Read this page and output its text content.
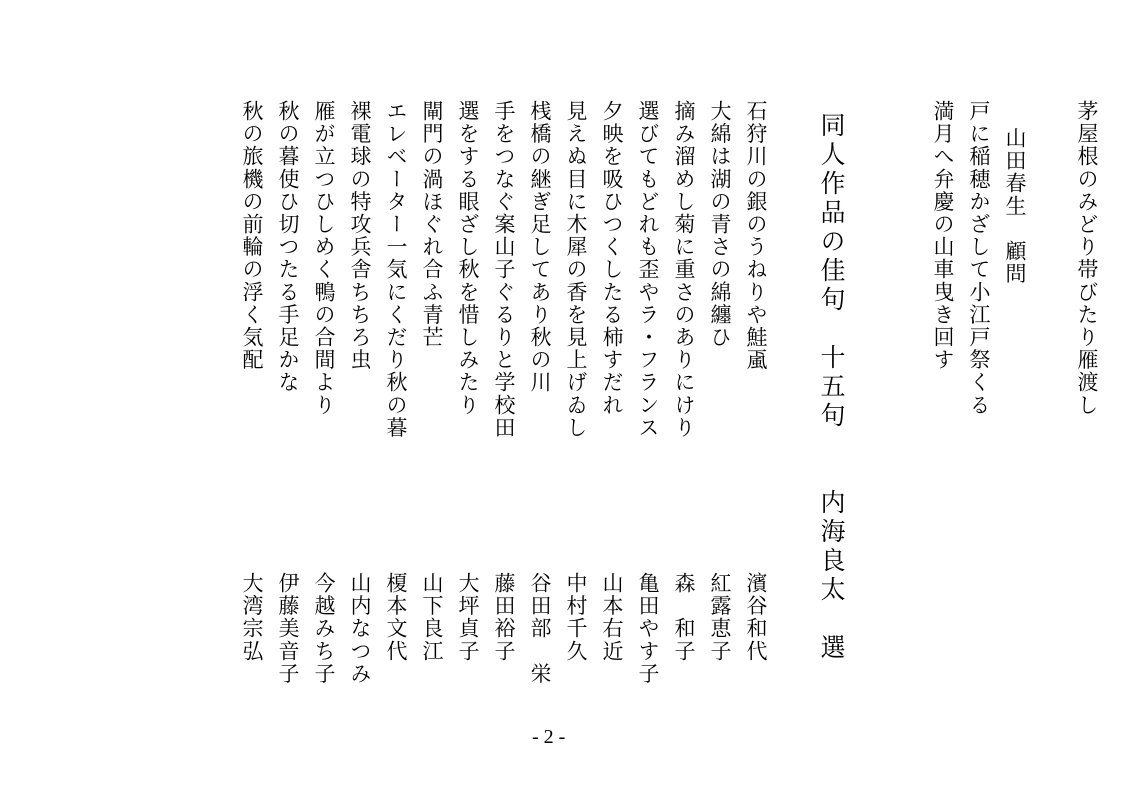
茅屋根のみどり帯びたり雁渡し
山田春生　顧問
戸に稲穂かざして小江戸祭くる
満月へ弁慶の山車曳き回す
同人作品の佳句　十五句　　内海良太　選
石狩川の銀のうねりや鮭颪
濱谷和代
大綿は湖の青さの綿纏ひ
紅露恵子
摘み溜めし菊に重さのありにけり
森　和子
選びてもどれも歪やラ・フランス
亀田やす子
夕映を吸ひつくしたる柿すだれ
山本右近
見えぬ目に木犀の香を見上げゐし
中村千久
桟橋の継ぎ足してあり秋の川
谷田部　栄
手をつなぐ案山子ぐるりと学校田
藤田裕子
選をする眼ざし秋を惜しみたり
大坪貞子
閘門の渦ほぐれ合ふ青芒
山下良江
エレベーター一気にくだり秋の暮
榎本文代
裸電球の特攻兵舎ちちろ虫
山内なつみ
雁が立つひしめく鴨の合間より
今越みち子
秋の暮使ひ切つたる手足かな
伊藤美音子
秋の旅機の前輪の浮く気配
大湾宗弘
- 2 -
